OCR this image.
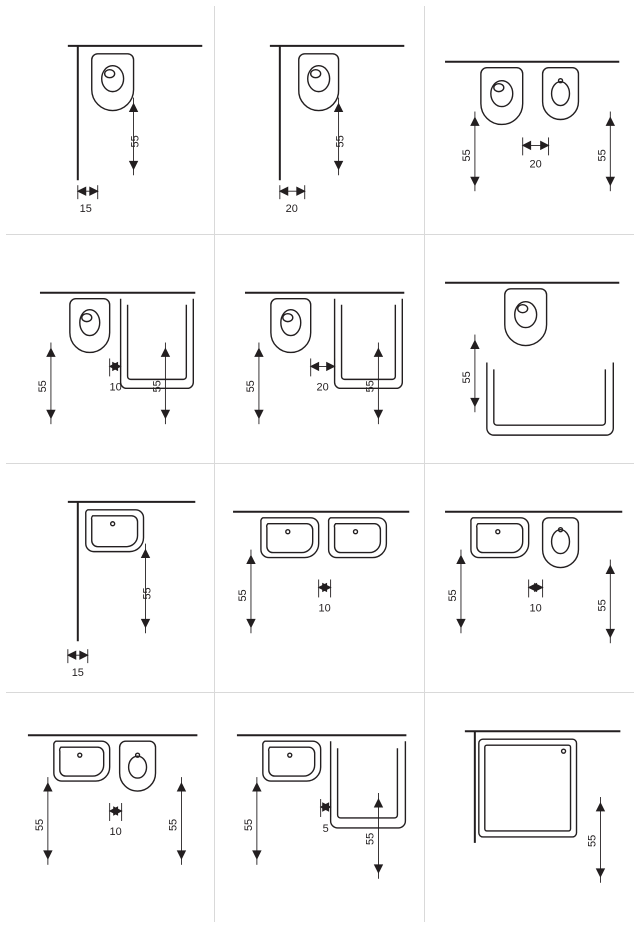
55
15
55
20
55
20
55
55	10	55	55	20	55
55
55
15
55
10
55
10	55
55
10
55	55	5
55	55
